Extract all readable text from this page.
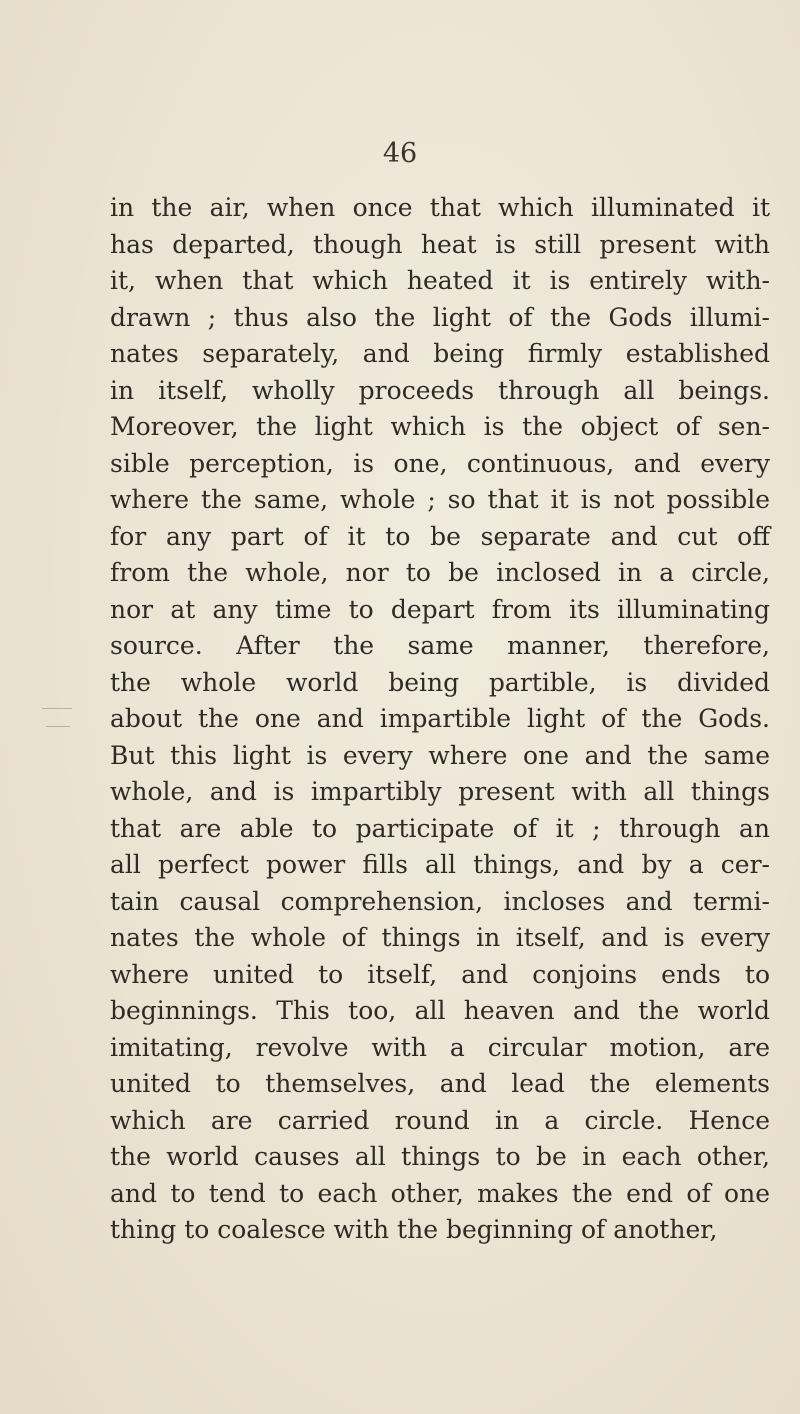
46
in the air, when once that which illuminated it
has departed, though heat is still present with
it, when that which heated it is entirely with-
drawn ; thus also the light of the Gods illumi-
nates separately, and being firmly established
in itself, wholly proceeds through all beings.
Moreover, the light which is the object of sen-
sible perception, is one, continuous, and every
where the same, whole ; so that it is not possible
for any part of it to be separate and cut off
from the whole, nor to be inclosed in a circle,
nor at any time to depart from its illuminating
source. After the same manner, therefore,
the whole world being partible, is divided
about the one and impartible light of the Gods.
But this light is every where one and the same
whole, and is impartibly present with all things
that are able to participate of it ; through an
all perfect power fills all things, and by a cer-
tain causal comprehension, incloses and termi-
nates the whole of things in itself, and is every
where united to itself, and conjoins ends to
beginnings. This too, all heaven and the world
imitating, revolve with a circular motion, are
united to themselves, and lead the elements
which are carried round in a circle. Hence
the world causes all things to be in each other,
and to tend to each other, makes the end of one
thing to coalesce with the beginning of another,
